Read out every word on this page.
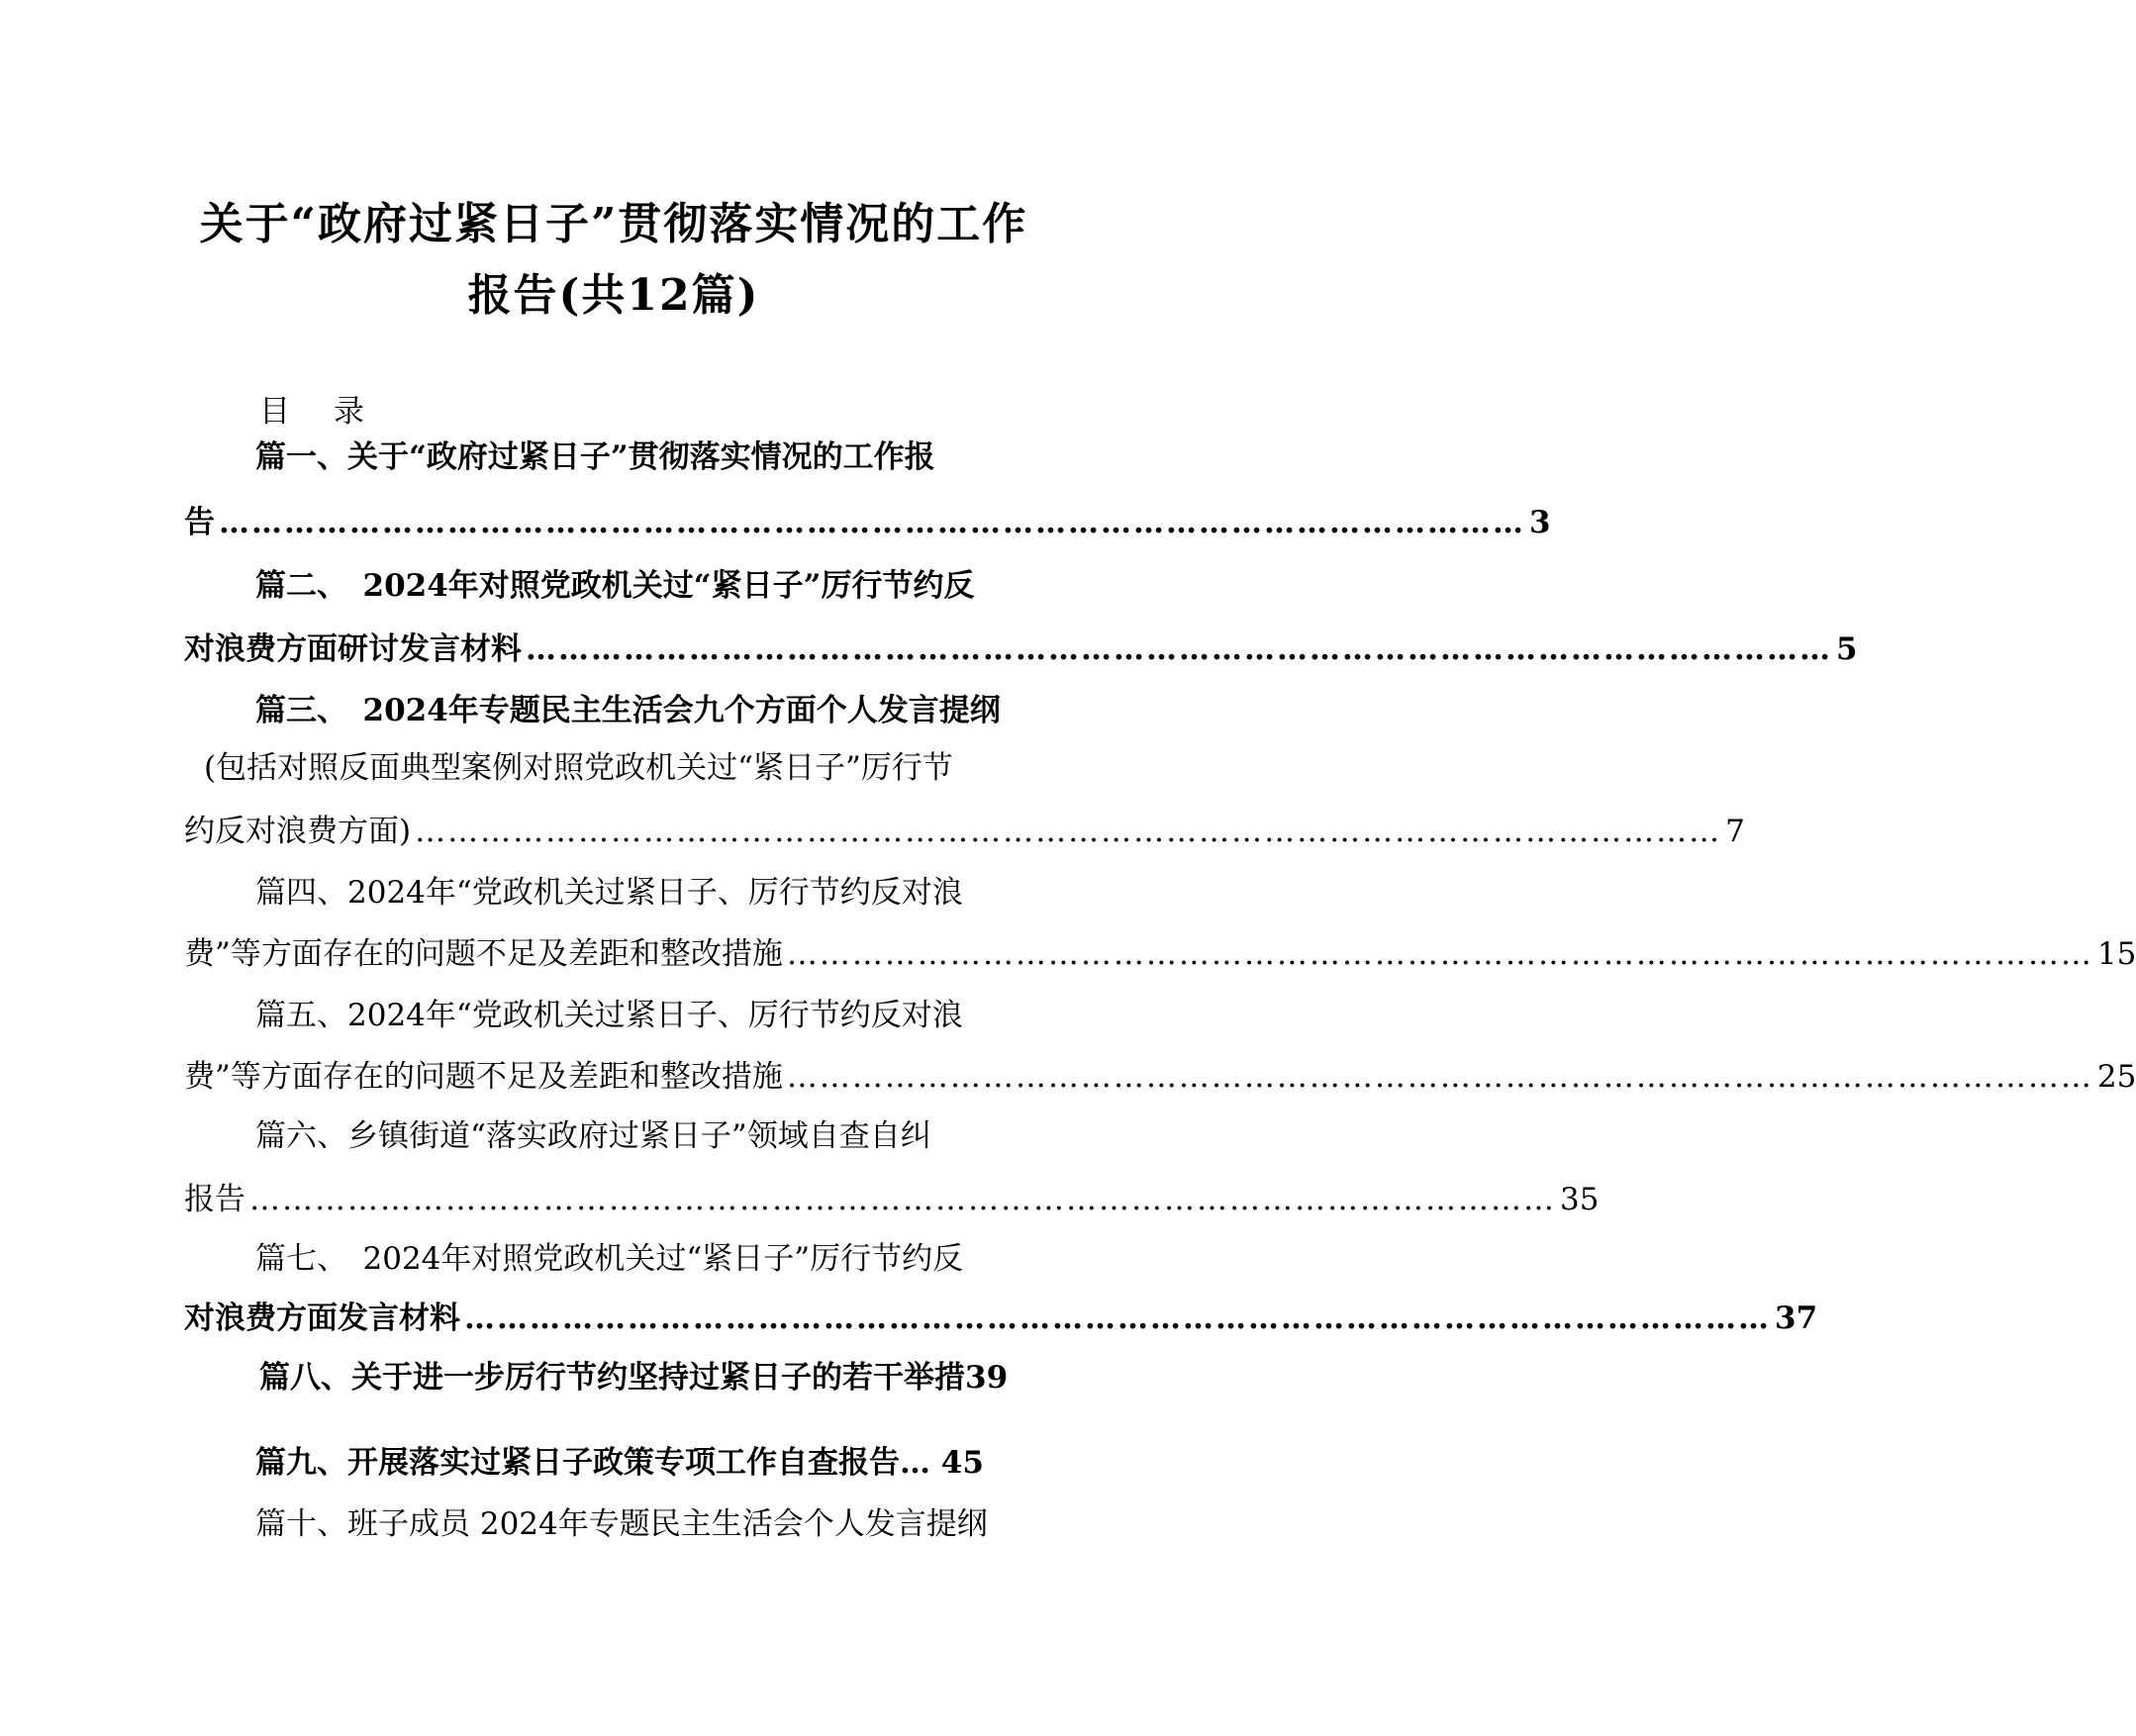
关于“政府过紧日子”贯彻落实情况的工作
报告(共12篇)
目 录
篇一、关于“政府过紧日子”贯彻落实情况的工作报
告 ………………………………………………………………………………………………………… 3
篇二、　2024年对照党政机关过“紧日子”厉行节约反
对浪费方面研讨发言材料 ………………………………………………………………………………………………………… 5
篇三、　2024年专题民主生活会九个方面个人发言提纲
(包括对照反面典型案例对照党政机关过“紧日子”厉行节
约反对浪费方面) ………………………………………………………………………………………………………… 7
篇四、2024年“党政机关过紧日子、厉行节约反对浪
费”等方面存在的问题不足及差距和整改措施 ………………………………………………………………………………………………………… 15
篇五、2024年“党政机关过紧日子、厉行节约反对浪
费”等方面存在的问题不足及差距和整改措施 ………………………………………………………………………………………………………… 25
篇六、乡镇街道“落实政府过紧日子”领域自查自纠
报告 ………………………………………………………………………………………………………… 35
篇七、　2024年对照党政机关过“紧日子”厉行节约反
对浪费方面发言材料 ………………………………………………………………………………………………………… 37
篇八、关于进一步厉行节约坚持过紧日子的若干举措39
篇九、开展落实过紧日子政策专项工作自查报告… 45
篇十、班子成员 2024年专题民主生活会个人发言提纲
